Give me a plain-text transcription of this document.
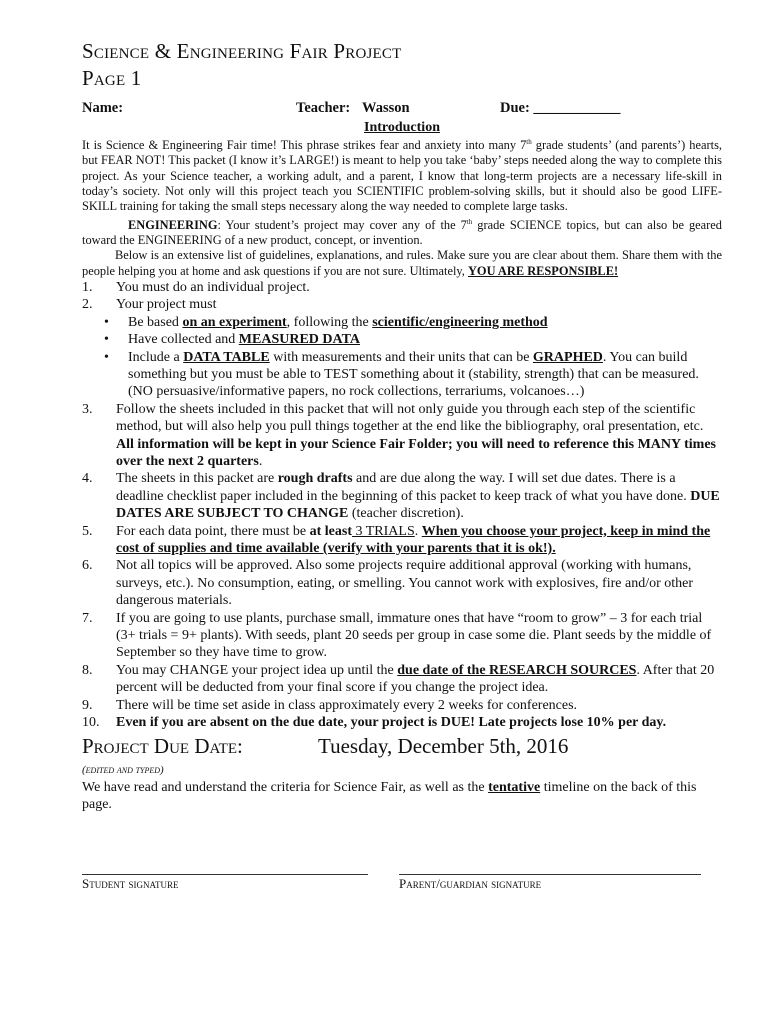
Science & Engineering Fair Project
Page 1
Name:	Teacher: Wasson	Due: ____________
Introduction
It is Science & Engineering Fair time! This phrase strikes fear and anxiety into many 7th grade students’ (and parents’) hearts, but FEAR NOT! This packet (I know it’s LARGE!) is meant to help you take ‘baby’ steps needed along the way to complete this project. As your Science teacher, a working adult, and a parent, I know that long-term projects are a necessary life-skill in today’s society. Not only will this project teach you SCIENTIFIC problem-solving skills, but it should also be good LIFE-SKILL training for taking the small steps necessary along the way needed to complete large tasks.
ENGINEERING: Your student’s project may cover any of the 7th grade SCIENCE topics, but can also be geared toward the ENGINEERING of a new product, concept, or invention.
Below is an extensive list of guidelines, explanations, and rules. Make sure you are clear about them. Share them with the people helping you at home and ask questions if you are not sure. Ultimately, YOU ARE RESPONSIBLE!
1. You must do an individual project.
2. Your project must
• Be based on an experiment, following the scientific/engineering method
• Have collected and MEASURED DATA
• Include a DATA TABLE with measurements and their units that can be GRAPHED. You can build something but you must be able to TEST something about it (stability, strength) that can be measured. (NO persuasive/informative papers, no rock collections, terrariums, volcanoes…)
3. Follow the sheets included in this packet that will not only guide you through each step of the scientific method, but will also help you pull things together at the end like the bibliography, oral presentation, etc. All information will be kept in your Science Fair Folder; you will need to reference this MANY times over the next 2 quarters.
4. The sheets in this packet are rough drafts and are due along the way. I will set due dates. There is a deadline checklist paper included in the beginning of this packet to keep track of what you have done. DUE DATES ARE SUBJECT TO CHANGE (teacher discretion).
5. For each data point, there must be at least 3 TRIALS. When you choose your project, keep in mind the cost of supplies and time available (verify with your parents that it is ok!).
6. Not all topics will be approved. Also some projects require additional approval (working with humans, surveys, etc.). No consumption, eating, or smelling. You cannot work with explosives, fire and/or other dangerous materials.
7. If you are going to use plants, purchase small, immature ones that have “room to grow” – 3 for each trial (3+ trials = 9+ plants). With seeds, plant 20 seeds per group in case some die. Plant seeds by the middle of September so they have time to grow.
8. You may CHANGE your project idea up until the due date of the RESEARCH SOURCES. After that 20 percent will be deducted from your final score if you change the project idea.
9. There will be time set aside in class approximately every 2 weeks for conferences.
10. Even if you are absent on the due date, your project is DUE! Late projects lose 10% per day.
Project Due Date:	Tuesday, December 5th, 2016
(edited and typed)
We have read and understand the criteria for Science Fair, as well as the tentative timeline on the back of this page.
Student signature	Parent/guardian signature
